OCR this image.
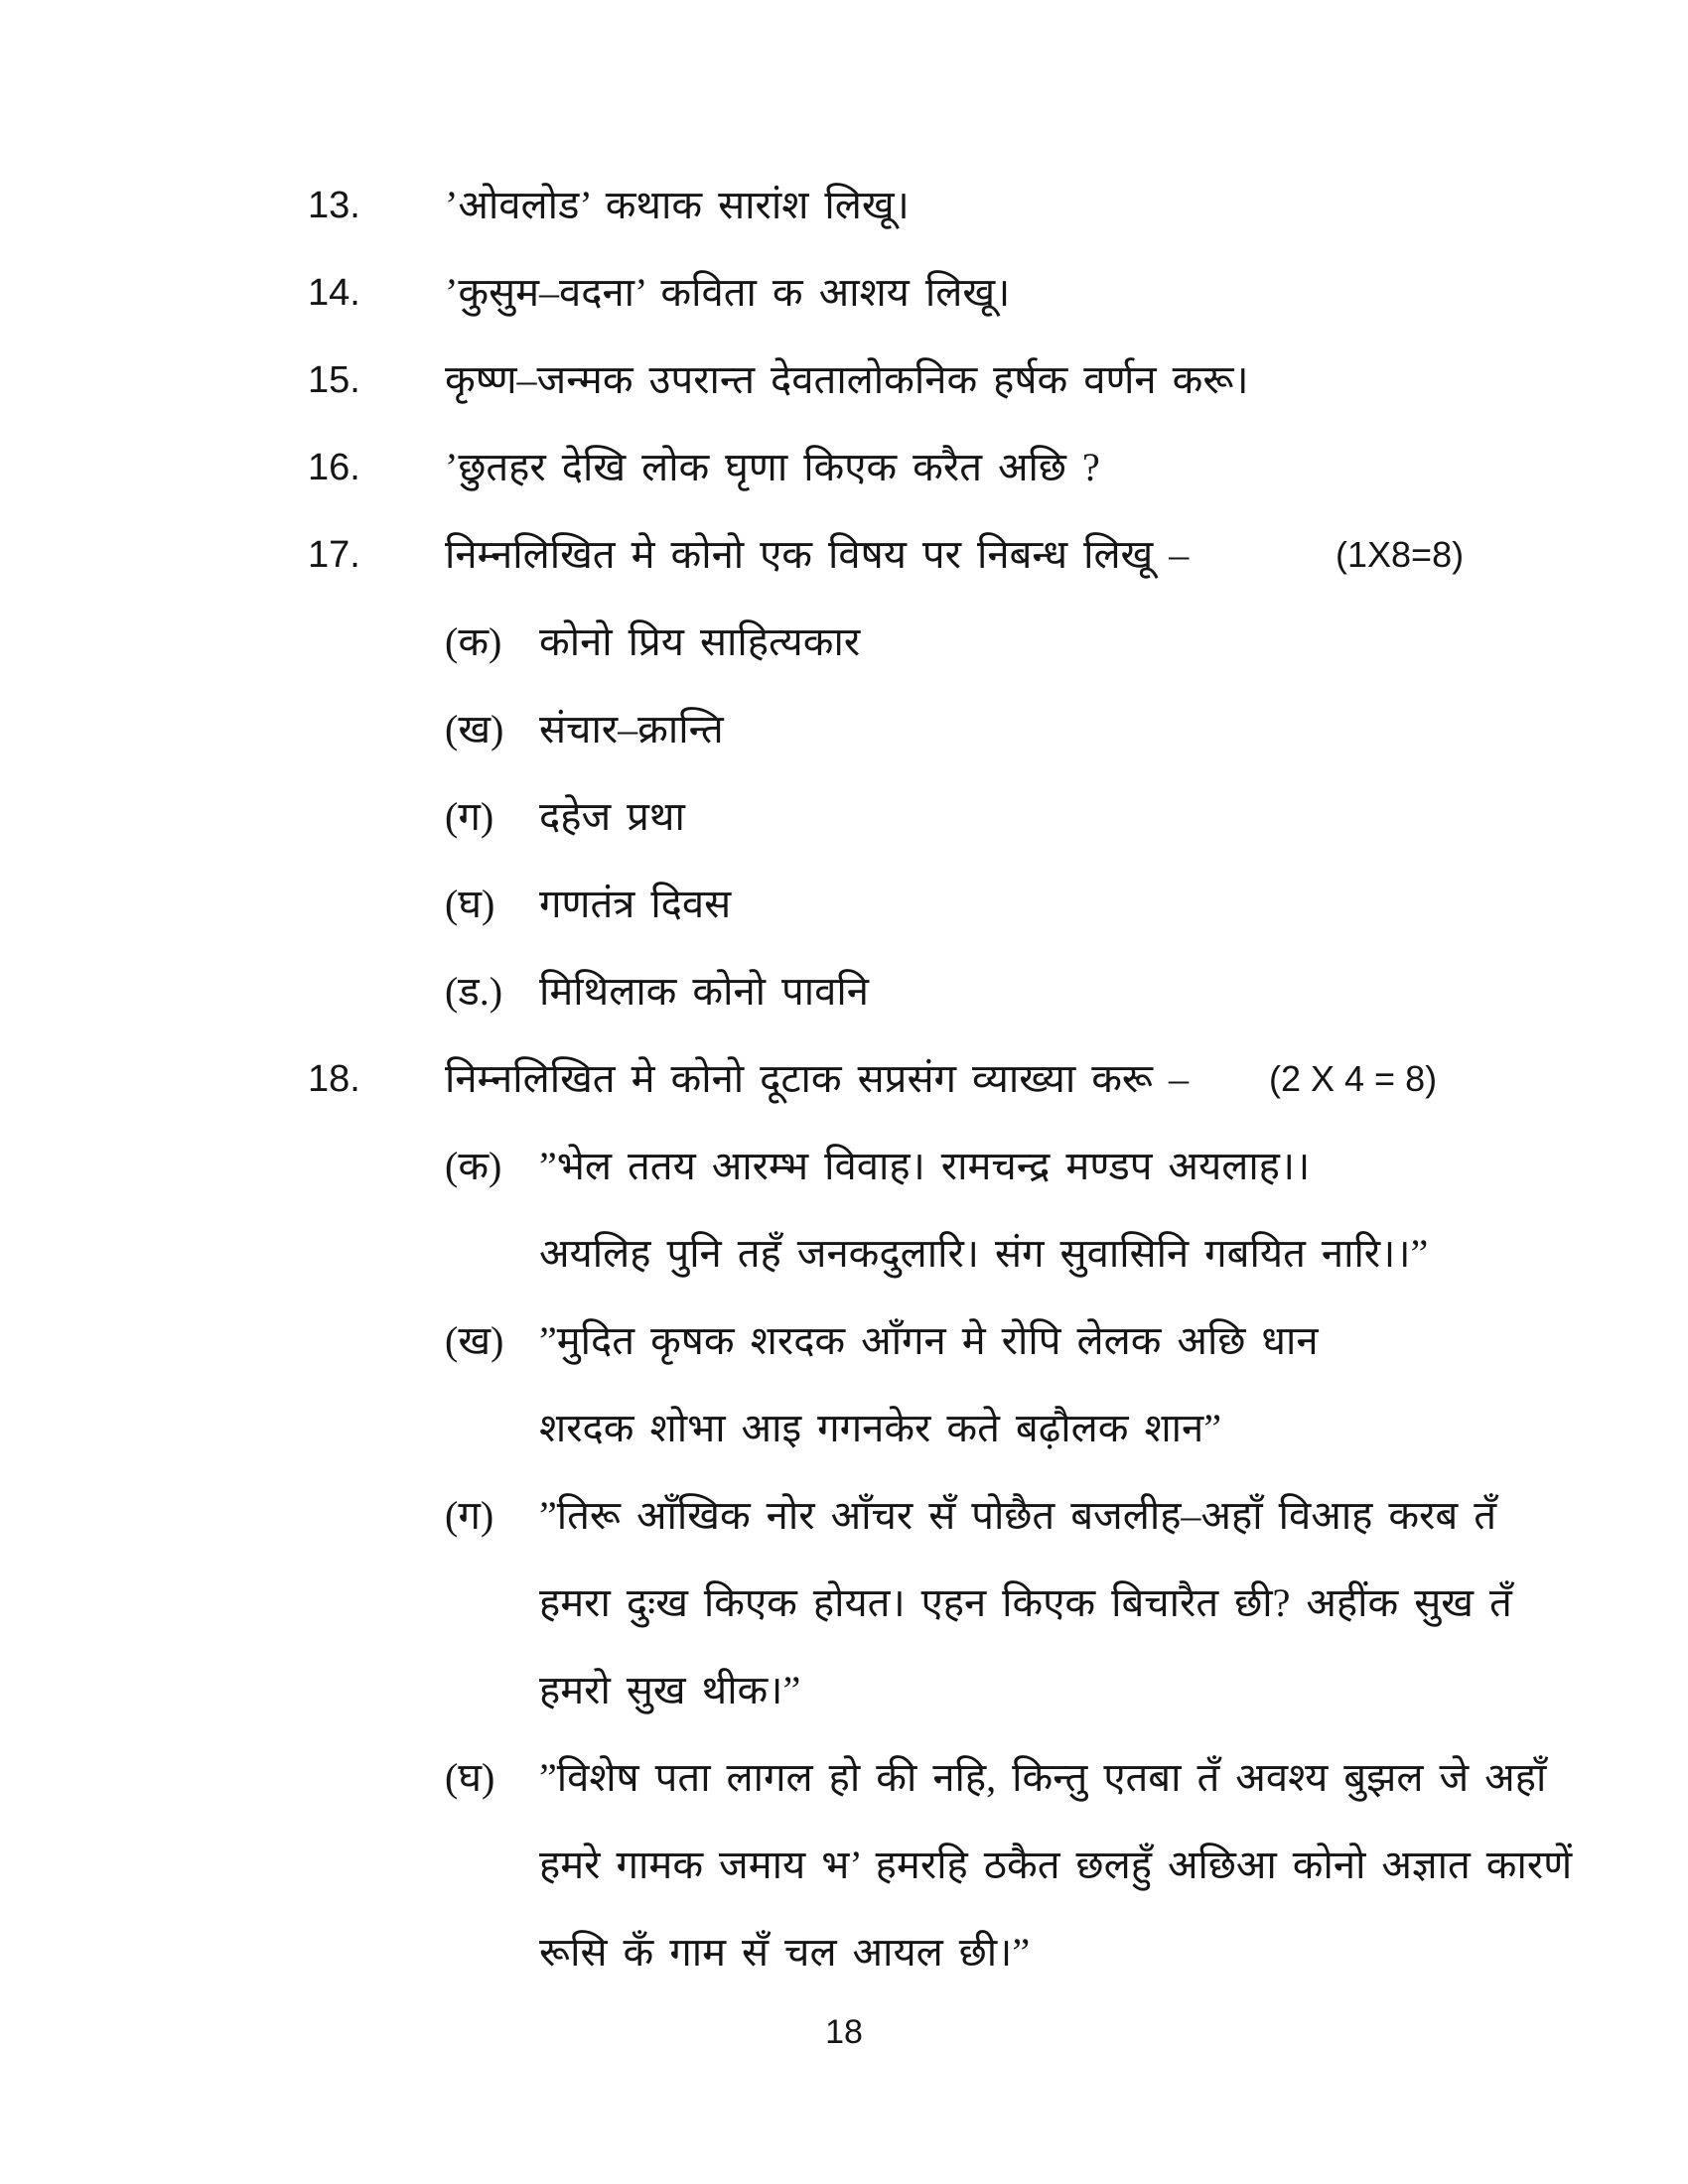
13. ’ओवलोड’ कथाक सारांश लिखू।
14. ’कुसुम–वदना’ कविता क आशय लिखू।
15. कृष्ण–जन्मक उपरान्त देवतालोकनिक हर्षक वर्णन करू।
16. ’छुतहर देखि लोक घृणा किएक करैत अछि ?
17. निम्नलिखित मे कोनो एक विषय पर निबन्ध लिखू –	(1X8=8)
(क) कोनो प्रिय साहित्यकार
(ख) संचार–क्रान्ति
(ग) दहेज प्रथा
(घ) गणतंत्र दिवस
(ड.) मिथिलाक कोनो पावनि
18. निम्नलिखित मे कोनो दूटाक सप्रसंग व्याख्या करू – (2 X 4 = 8)
(क) ”भेल ततय आरम्भ विवाह। रामचन्द्र मण्डप अयलाह।।
अयलिह पुनि तहँ जनकदुलारि। संग सुवासिनि गबयित नारि।।”
(ख) ”मुदित कृषक शरदक आँगन मे रोपि लेलक अछि धान
शरदक शोभा आइ गगनकेर कते बढ़ौलक शान”
(ग) ”तिरू आँखिक नोर आँचर सँ पोछैत बजलीह–अहाँ विआह करब तँ
हमरा दुःख किएक होयत। एहन किएक बिचारैत छी? अहींक सुख तँ
हमरो सुख थीक।”
(घ) ”विशेष पता लागल हो की नहि, किन्तु एतबा तँ अवश्य बुझल जे अहाँ
हमरे गामक जमाय भ’ हमरहि ठकैत छलहुँ अछिआ कोनो अज्ञात कारणें
रूसि कँ गाम सँ चल आयल छी।”
18
